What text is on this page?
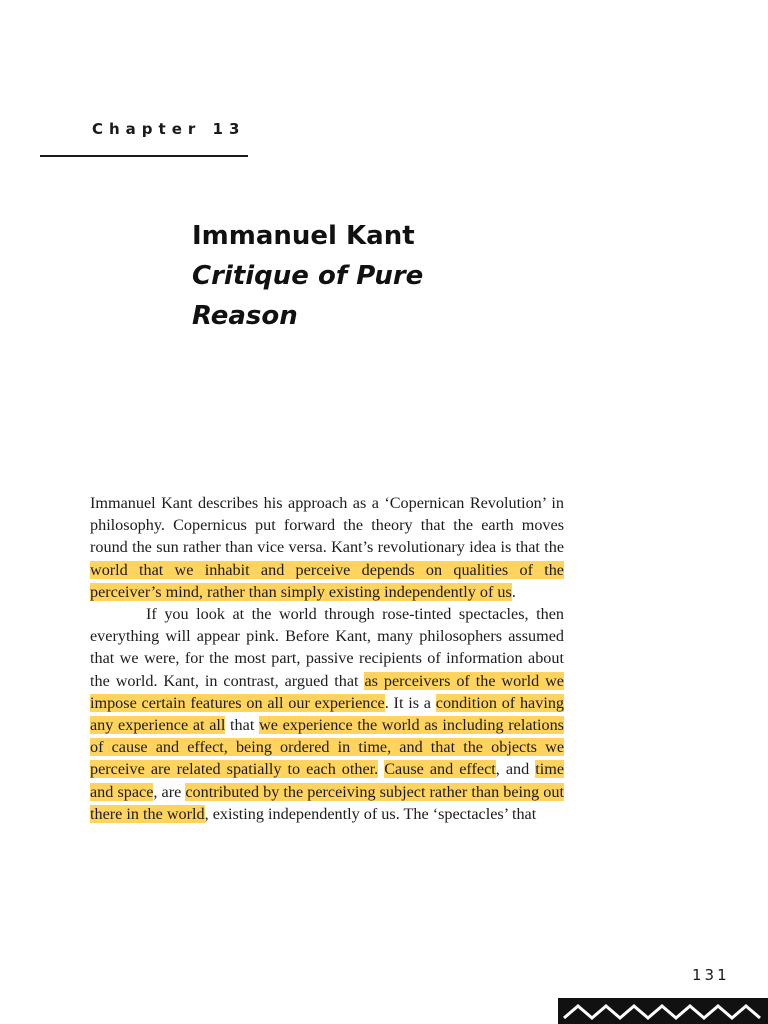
Chapter 13
Immanuel Kant
Critique of Pure
Reason

Immanuel Kant describes his approach as a ‘Copernican Revolution’ in philosophy. Copernicus put forward the theory that the earth moves round the sun rather than vice versa. Kant’s revolutionary idea is that the world that we inhabit and perceive depends on qualities of the perceiver’s mind, rather than simply existing independently of us.

If you look at the world through rose-tinted spectacles, then everything will appear pink. Before Kant, many philosophers assumed that we were, for the most part, passive recipients of information about the world. Kant, in contrast, argued that as perceivers of the world we impose certain features on all our experience. It is a condition of having any experience at all that we experience the world as including relations of cause and effect, being ordered in time, and that the objects we perceive are related spatially to each other. Cause and effect, and time and space, are contributed by the perceiving subject rather than being out there in the world, existing independently of us. The ‘spectacles’ that

131
